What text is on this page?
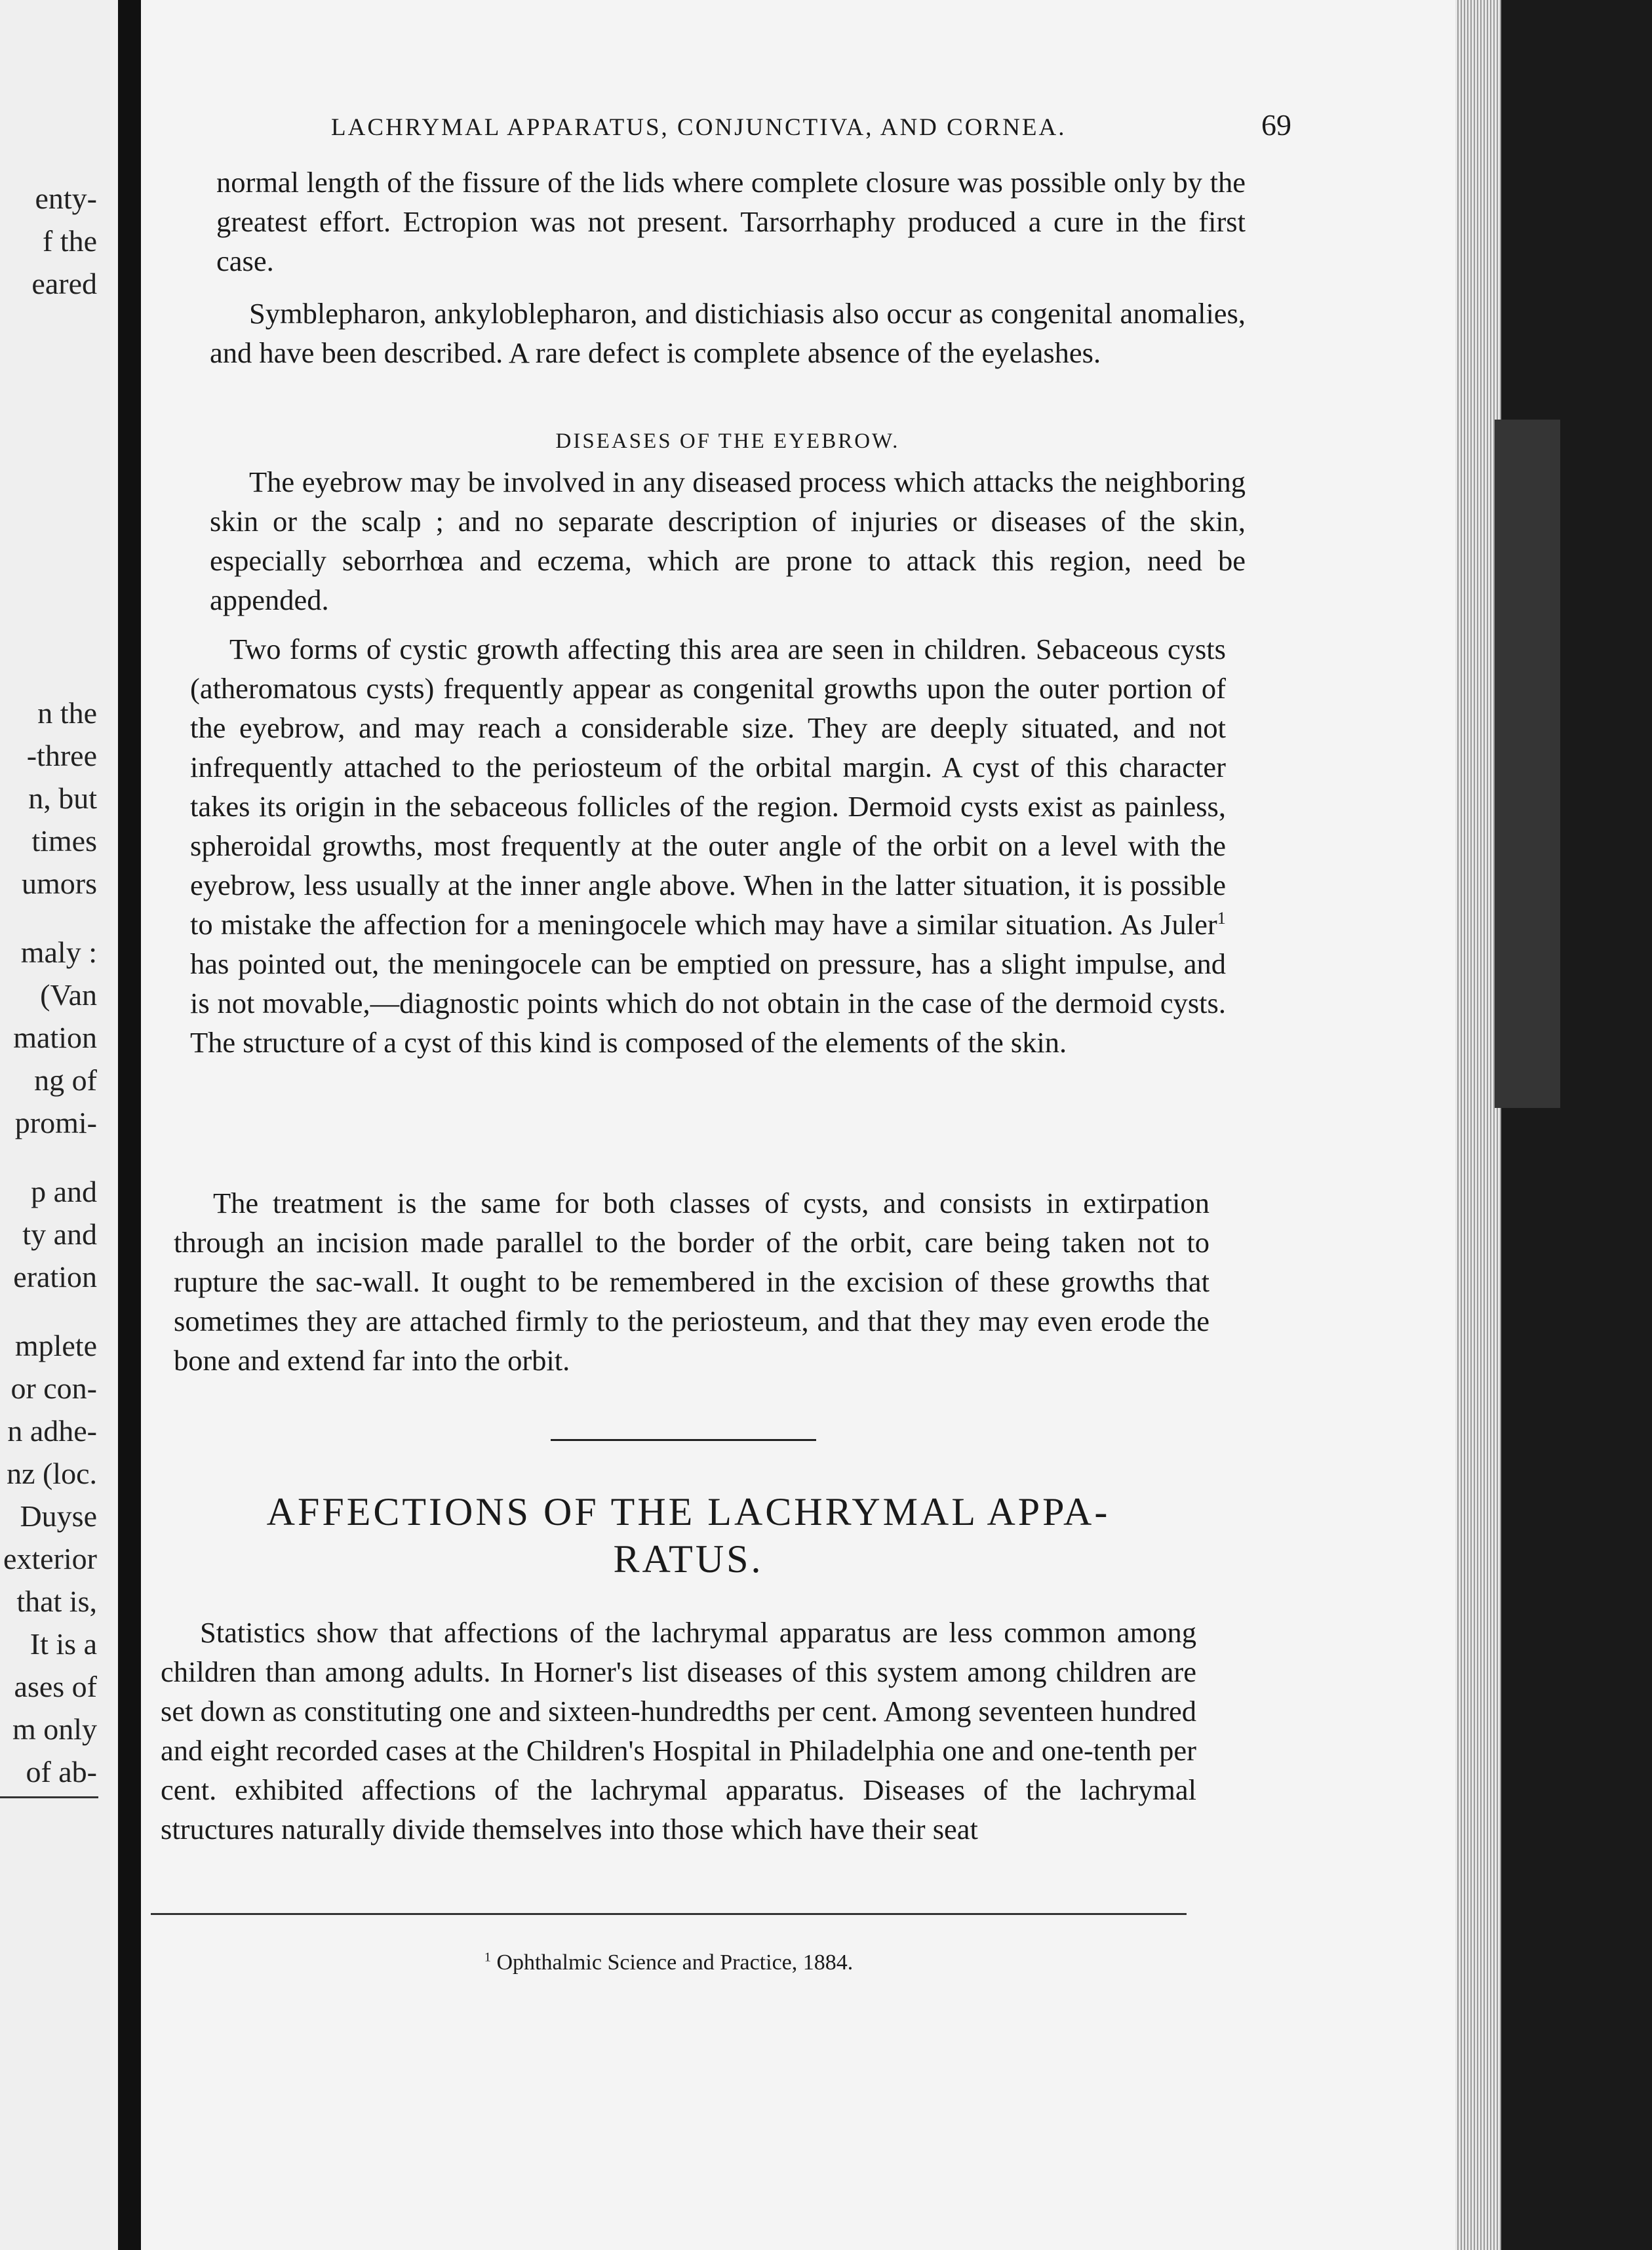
enty-
f the
eared
n the
-three
n, but
times
umors
maly :
(Van
mation
ng of
promi-
p and
ty and
eration
mplete
or con-
n adhe-
nz (loc.
Duyse
exterior
that is,
It is a
ases of
m only
of ab-
LACHRYMAL APPARATUS, CONJUNCTIVA, AND CORNEA.	69

normal length of the fissure of the lids where complete closure was possible only by the greatest effort. Ectropion was not present. Tarsorrhaphy produced a cure in the first case.

Symblepharon, ankyloblepharon, and distichiasis also occur as congenital anomalies, and have been described. A rare defect is complete absence of the eyelashes.

DISEASES OF THE EYEBROW.

The eyebrow may be involved in any diseased process which attacks the neighboring skin or the scalp ; and no separate description of injuries or diseases of the skin, especially seborrhœa and eczema, which are prone to attack this region, need be appended.

Two forms of cystic growth affecting this area are seen in children. Sebaceous cysts (atheromatous cysts) frequently appear as congenital growths upon the outer portion of the eyebrow, and may reach a considerable size. They are deeply situated, and not infrequently attached to the periosteum of the orbital margin. A cyst of this character takes its origin in the sebaceous follicles of the region. Dermoid cysts exist as painless, spheroidal growths, most frequently at the outer angle of the orbit on a level with the eyebrow, less usually at the inner angle above. When in the latter situation, it is possible to mistake the affection for a meningocele which may have a similar situation. As Juler$^1$ has pointed out, the meningocele can be emptied on pressure, has a slight impulse, and is not movable,—diagnostic points which do not obtain in the case of the dermoid cysts. The structure of a cyst of this kind is composed of the elements of the skin.

The treatment is the same for both classes of cysts, and consists in extirpation through an incision made parallel to the border of the orbit, care being taken not to rupture the sac-wall. It ought to be remembered in the excision of these growths that sometimes they are attached firmly to the periosteum, and that they may even erode the bone and extend far into the orbit.

AFFECTIONS OF THE LACHRYMAL APPA-
RATUS.

Statistics show that affections of the lachrymal apparatus are less common among children than among adults. In Horner's list diseases of this system among children are set down as constituting one and sixteen-hundredths per cent. Among seventeen hundred and eight recorded cases at the Children's Hospital in Philadelphia one and one-tenth per cent. exhibited affections of the lachrymal apparatus. Diseases of the lachrymal structures naturally divide themselves into those which have their seat

$^1$ Ophthalmic Science and Practice, 1884.
